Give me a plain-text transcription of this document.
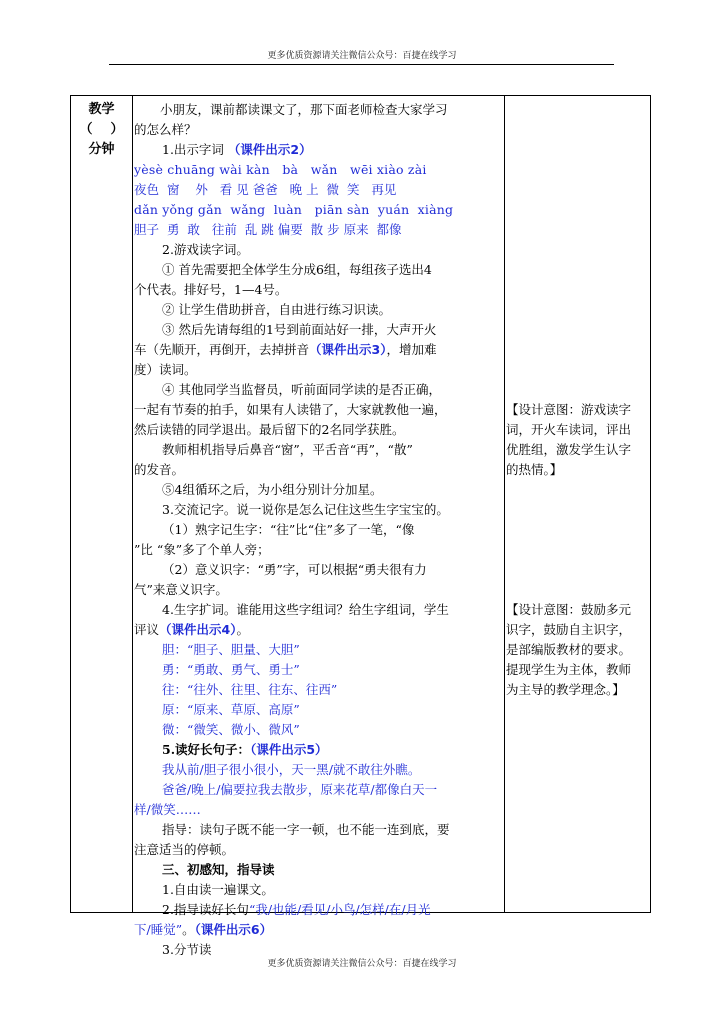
更多优质资源请关注微信公众号：百捷在线学习
教学
（    ）
分钟
小朋友，课前都读课文了，那下面老师检查大家学习
的怎么样？
1.出示字词 （课件出示2）
yèsè chuāng wài kàn   bà   wǎn   wēi xiào zài
夜色  窗    外   看 见 爸爸   晚 上  微  笑   再见
dǎn yǒng gǎn  wǎng  luàn   piān sàn  yuán  xiàng
胆子  勇  敢   往前  乱 跳 偏要  散 步 原来  都像
2.游戏读字词。
① 首先需要把全体学生分成6组，每组孩子选出4
个代表。排好号，1—4号。
② 让学生借助拼音，自由进行练习识读。
③ 然后先请每组的1号到前面站好一排，大声开火
车（先顺开，再倒开，去掉拼音（课件出示3），增加难
度）读词。
④ 其他同学当监督员，听前面同学读的是否正确，
一起有节奏的拍手，如果有人读错了，大家就教他一遍，
然后读错的同学退出。最后留下的2名同学获胜。
教师相机指导后鼻音“窗”，平舌音“再”，“散”
的发音。
⑤4组循环之后，为小组分别计分加星。
3.交流记字。说一说你是怎么记住这些生字宝宝的。
（1）熟字记生字：“往”比“住”多了一笔，“像
”比 “象”多了个单人旁；
（2）意义识字：“勇”字，可以根据“勇夫很有力
气”来意义识字。
4.生字扩词。谁能用这些字组词？给生字组词，学生
评议（课件出示4）。
胆：“胆子、胆量、大胆”
勇：“勇敢、勇气、勇士”
往：“往外、往里、往东、往西”
原：“原来、草原、高原”
微：“微笑、微小、微风”
5.读好长句子：（课件出示5）
我从前/胆子很小很小，天一黑/就不敢往外瞧。
爸爸/晚上/偏要拉我去散步，原来花草/都像白天一
样/微笑……
指导：读句子既不能一字一顿，也不能一连到底，要
注意适当的停顿。
三、初感知，指导读
1.自由读一遍课文。
2.指导读好长句“我/也能/看见/小鸟/怎样/在/月光
下/睡觉”。（课件出示6）
3.分节读
【设计意图：游戏读字
词，开火车读词，评出
优胜组，激发学生认字
的热情。】
【设计意图：鼓励多元
识字，鼓励自主识字，
是部编版教材的要求。
提现学生为主体，教师
为主导的教学理念。】
更多优质资源请关注微信公众号：百捷在线学习
